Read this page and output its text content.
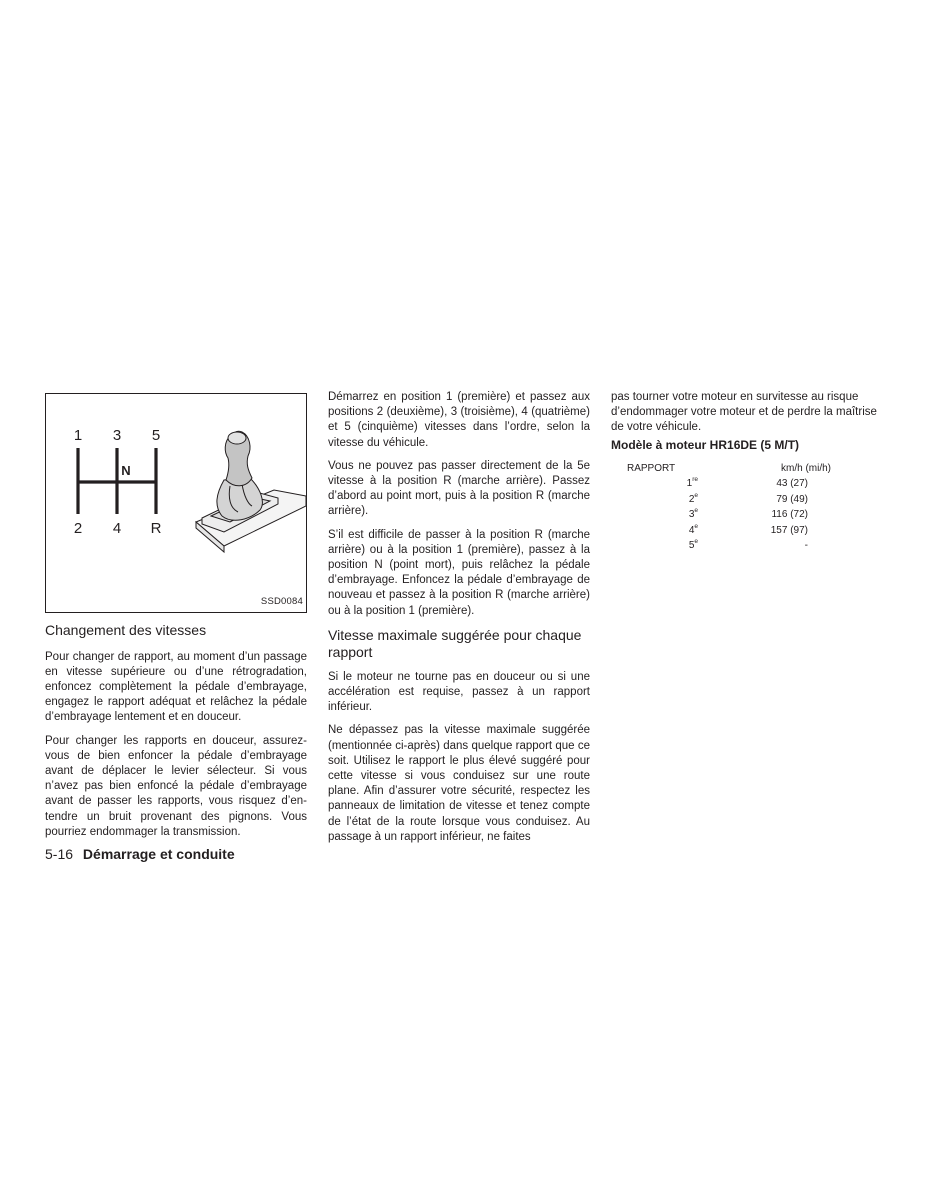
1 3 5
2 4 R
N
SSD0084
Changement des vitesses

Pour changer de rapport, au moment d’un passage en vitesse supérieure ou d’une rétrogradation, enfoncez complètement la pédale d’embrayage, engagez le rapport adéquat et relâchez la pédale d’embrayage lentement et en douceur.

Pour changer les rapports en douceur, assurez-vous de bien enfoncer la pédale d’embrayage avant de déplacer le levier sélecteur. Si vous n’avez pas bien enfoncé la pédale d’embrayage avant de passer les rapports, vous risquez d’entendre un bruit provenant des pignons. Vous pourriez endommager la transmission.

Démarrez en position 1 (première) et passez aux positions 2 (deuxième), 3 (troisième), 4 (quatrième) et 5 (cinquième) vitesses dans l’ordre, selon la vitesse du véhicule.

Vous ne pouvez pas passer directement de la 5e vitesse à la position R (marche arrière). Passez d’abord au point mort, puis à la position R (marche arrière).

S’il est difficile de passer à la position R (marche arrière) ou à la position 1 (première), passez à la position N (point mort), puis relâchez la pédale d’embrayage. Enfoncez la pédale d’embrayage de nouveau et passez à la position R (marche arrière) ou à la position 1 (première).

Vitesse maximale suggérée pour chaque rapport

Si le moteur ne tourne pas en douceur ou si une accélération est requise, passez à un rapport inférieur.

Ne dépassez pas la vitesse maximale suggérée (mentionnée ci-après) dans quelque rapport que ce soit. Utilisez le rapport le plus élevé suggéré pour cette vitesse si vous conduisez sur une route plane. Afin d’assurer votre sécurité, respectez les panneaux de limitation de vitesse et tenez compte de l’état de la route lorsque vous conduisez. Au passage à un rapport inférieur, ne faites

pas tourner votre moteur en survitesse au risque d’endommager votre moteur et de perdre la maîtrise de votre véhicule.

Modèle à moteur HR16DE (5 M/T)
RAPPORT	km/h (mi/h)
1re	43 (27)
2e	79 (49)
3e	116 (72)
4e	157 (97)
5e	-
5-16 Démarrage et conduite
